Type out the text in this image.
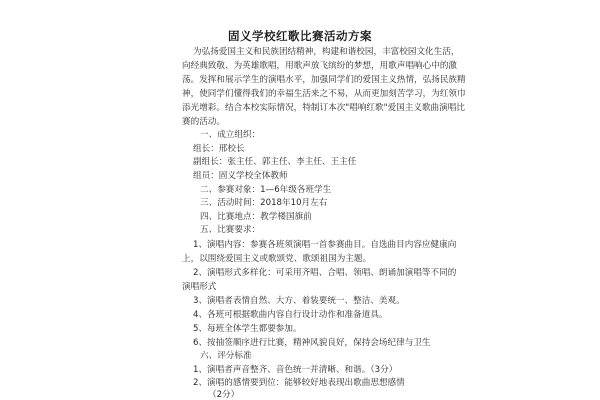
固义学校红歌比赛活动方案
为弘扬爱国主义和民族团结精神，构建和谐校园，丰富校园文化生活，
向经典致敬、为英雄歌唱，用歌声放飞缤纷的梦想，用歌声唱响心中的激
荡。发挥和展示学生的演唱水平，加强同学们的爱国主义热情，弘扬民族精
神，使同学们懂得我们的幸福生活来之不易，从而更加刻苦学习，为红领巾
添光增彩。结合本校实际情况，特制订本次"唱响红歌"爱国主义歌曲演唱比
赛的活动。
一、成立组织：
组长：邢校长
副组长：张主任、郭主任、李主任、王主任
组员：固义学校全体教师
二、参赛对象：1—6年级各班学生
三、活动时间：2018年10月左右
四、比赛地点：教学楼国旗前
五、比赛要求：
1、演唱内容：参赛各班须演唱一首参赛曲目。自选曲目内容应健康向
上，以围绕爱国主义或歌颂党、歌颂祖国为主题。
2、演唱形式多样化：可采用齐唱、合唱、领唱、朗诵加演唱等不同的
演唱形式
3、演唱者表情自然、大方、着装要统一、整洁、美观。
4、各班可根据歌曲内容自行设计动作和准备道具。
5、每班全体学生都要参加。
6、按抽签顺序进行比赛，精神风貌良好，保持会场纪律与卫生
六、评分标准
1、演唱者声音整齐、音色统一并清晰、和谐。（3分）
2、演唱的感情要到位：能够较好地表现出歌曲思想感情
（2分）
